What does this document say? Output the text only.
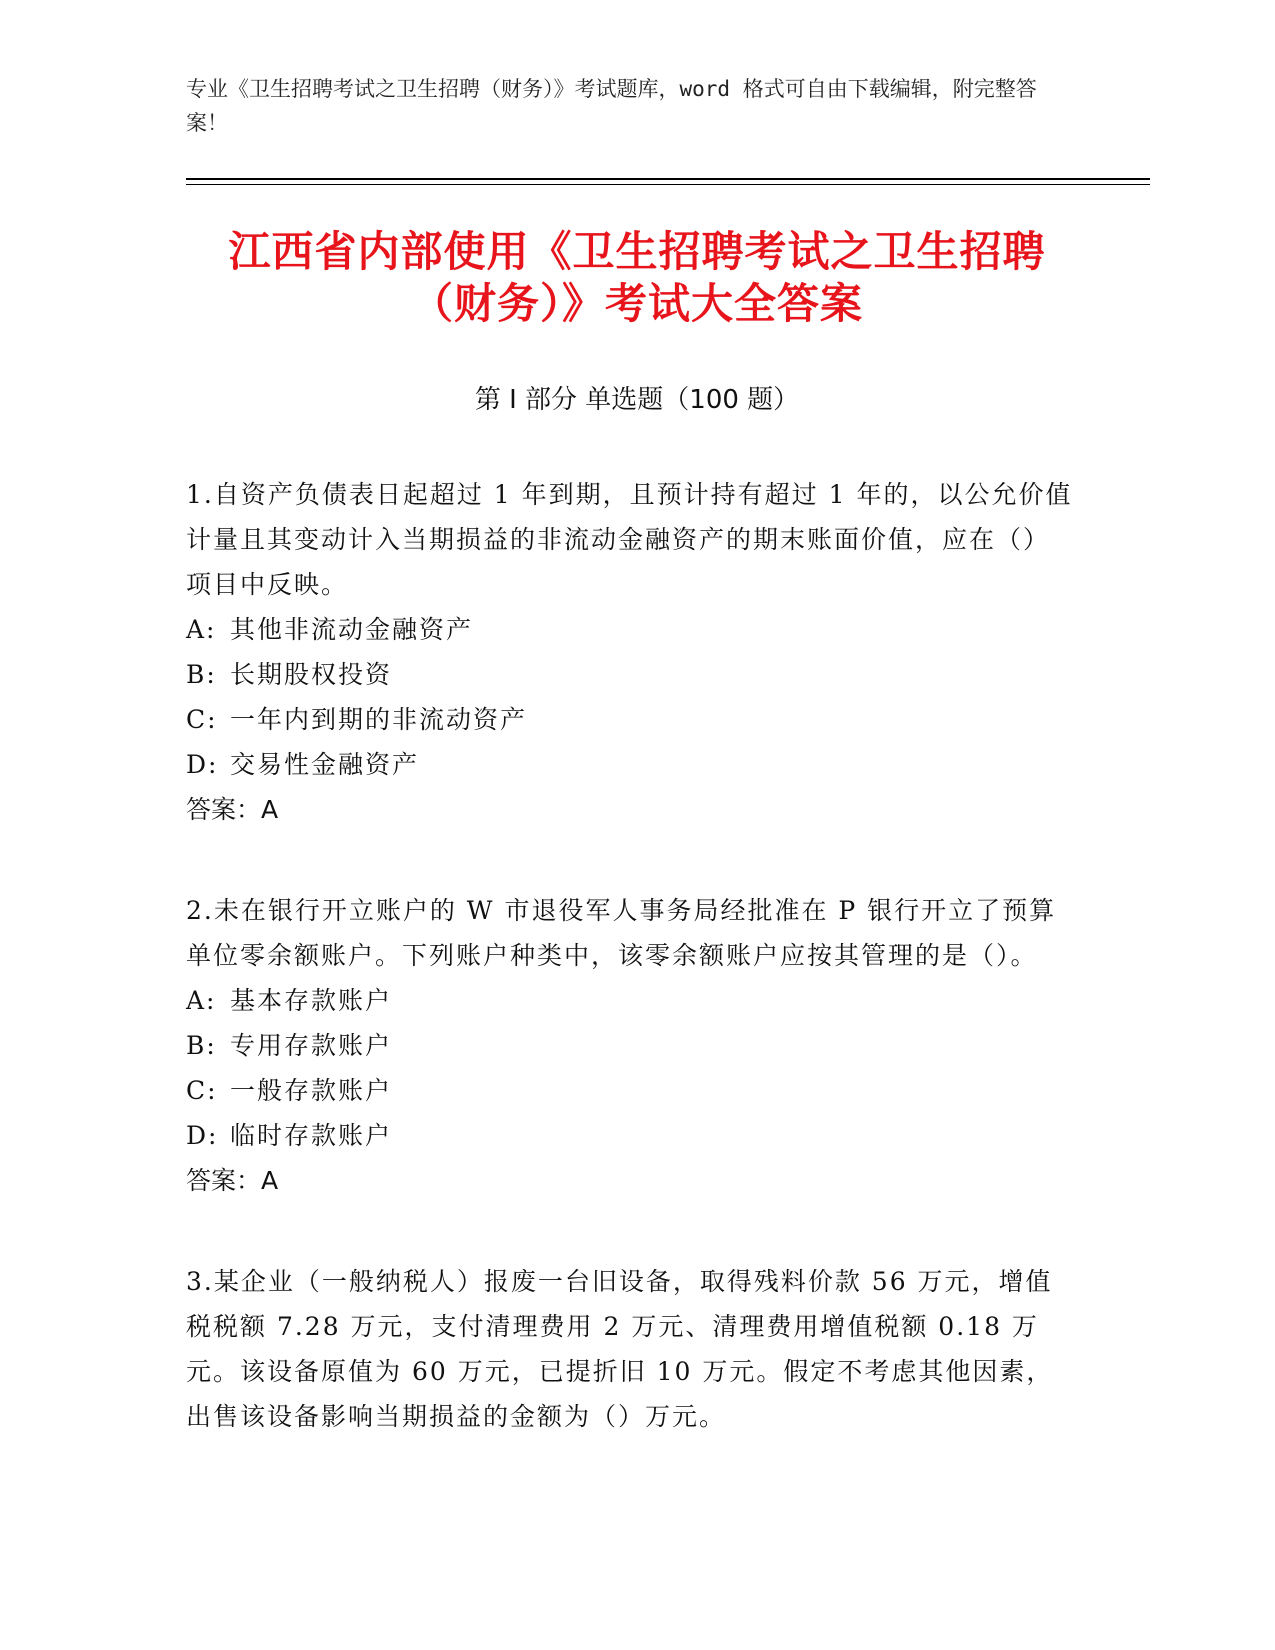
专业《卫生招聘考试之卫生招聘（财务）》考试题库，word 格式可自由下载编辑，附完整答案！
江西省内部使用《卫生招聘考试之卫生招聘（财务）》考试大全答案
第 I 部分 单选题（100 题）

1.自资产负债表日起超过 1 年到期，且预计持有超过 1 年的，以公允价值计量且其变动计入当期损益的非流动金融资产的期末账面价值，应在（）项目中反映。

A: 其他非流动金融资产

B: 长期股权投资

C: 一年内到期的非流动资产

D: 交易性金融资产

答案：A

2.未在银行开立账户的 W 市退役军人事务局经批准在 P 银行开立了预算单位零余额账户。下列账户种类中，该零余额账户应按其管理的是（）。

A: 基本存款账户

B: 专用存款账户

C: 一般存款账户

D: 临时存款账户

答案：A

3.某企业（一般纳税人）报废一台旧设备，取得残料价款 56 万元，增值税税额 7.28 万元，支付清理费用 2 万元、清理费用增值税额 0.18 万元。该设备原值为 60 万元，已提折旧 10 万元。假定不考虑其他因素，出售该设备影响当期损益的金额为（）万元。
